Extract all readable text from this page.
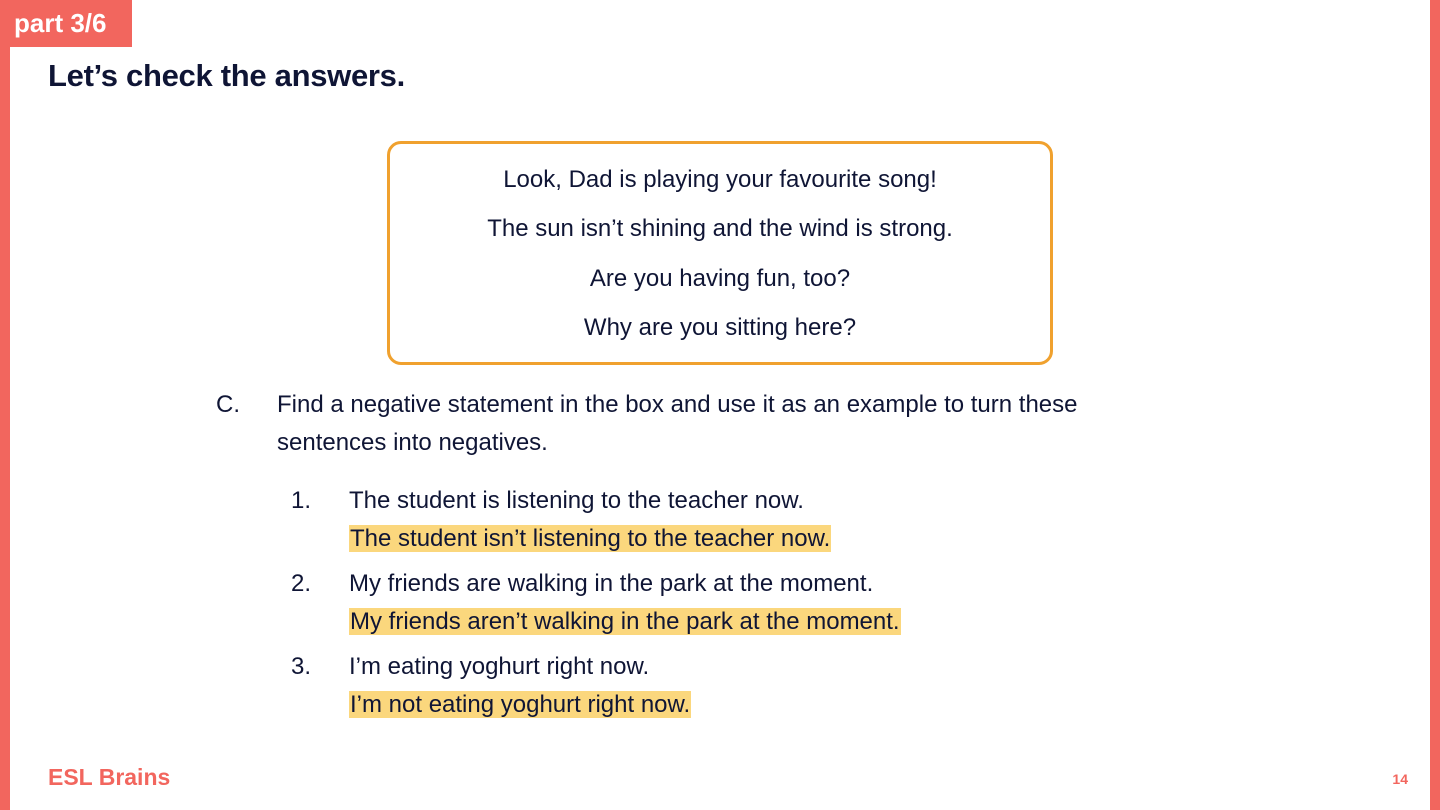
part 3/6
Let’s check the answers.
Look, Dad is playing your favourite song!
The sun isn’t shining and the wind is strong.
Are you having fun, too?
Why are you sitting here?
C.	Find a negative statement in the box and use it as an example to turn these sentences into negatives.
1.	The student is listening to the teacher now.
The student isn’t listening to the teacher now.
2.	My friends are walking in the park at the moment.
My friends aren’t walking in the park at the moment.
3.	I’m eating yoghurt right now.
I’m not eating yoghurt right now.
ESL Brains	14
